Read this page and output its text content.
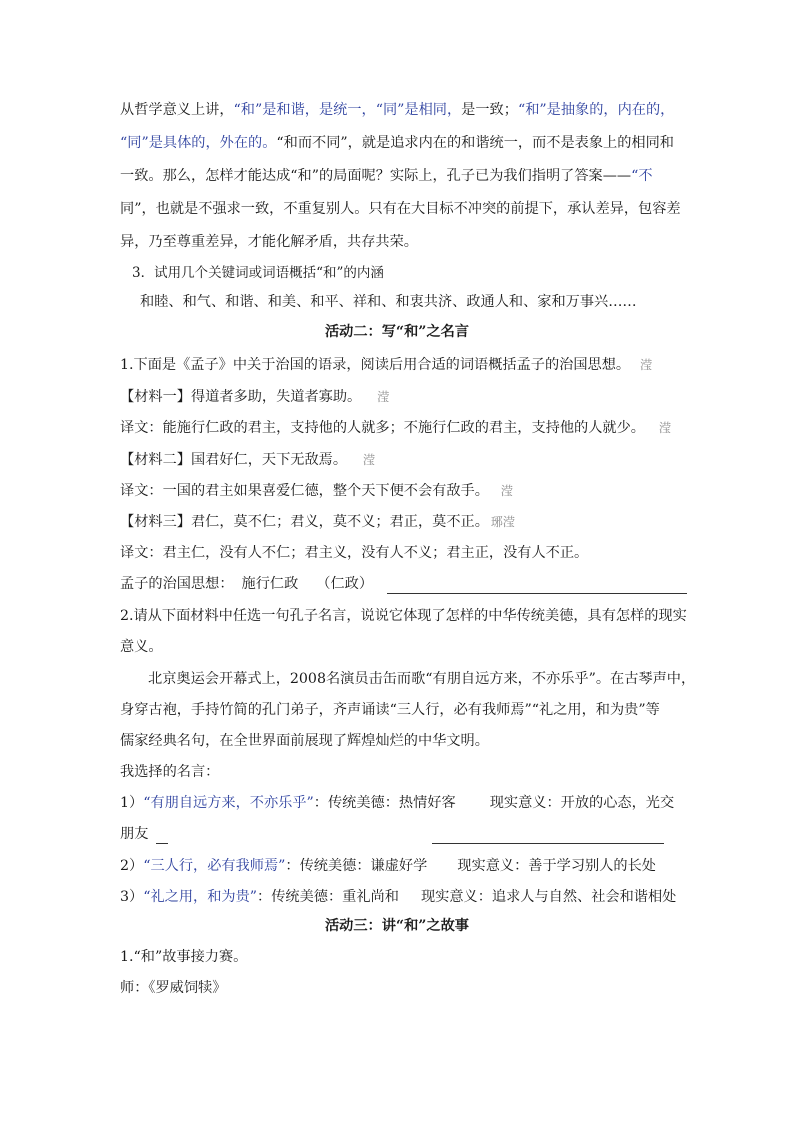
从哲学意义上讲，“和”是和谐，是统一，“同”是相同，是一致；“和”是抽象的，内在的，
“同”是具体的，外在的。“和而不同”，就是追求内在的和谐统一，而不是表象上的相同和
一致。那么，怎样才能达成“和”的局面呢？实际上，孔子已为我们指明了答案——“不
同”，也就是不强求一致，不重复别人。只有在大目标不冲突的前提下，承认差异，包容差
异，乃至尊重差异，才能化解矛盾，共存共荣。
3．试用几个关键词或词语概括“和”的内涵
和睦、和气、和谐、和美、和平、祥和、和衷共济、政通人和、家和万事兴……
活动二：写“和”之名言
1.下面是《孟子》中关于治国的语录，阅读后用合适的词语概括孟子的治国思想。 滢
【材料一】得道者多助，失道者寡助。 滢
译文：能施行仁政的君主，支持他的人就多；不施行仁政的君主，支持他的人就少。 滢
【材料二】国君好仁，天下无敌焉。 滢
译文：一国的君主如果喜爱仁德，整个天下便不会有敌手。 滢
【材料三】君仁，莫不仁；君义，莫不义；君正，莫不正。 琊滢
译文：君主仁，没有人不仁；君主义，没有人不义；君主正，没有人不正。
孟子的治国思想： 施行仁政 （仁政）
2.请从下面材料中任选一句孔子名言，说说它体现了怎样的中华传统美德，具有怎样的现实
意义。
北京奥运会开幕式上，2008名演员击缶而歌“有朋自远方来，不亦乐乎”。在古琴声中，
身穿古袍，手持竹简的孔门弟子，齐声诵读“三人行，必有我师焉”“礼之用，和为贵”等
儒家经典名句，在全世界面前展现了辉煌灿烂的中华文明。
我选择的名言：
1）“有朋自远方来，不亦乐乎”：传统美德：热情好客 现实意义：开放的心态，光交
朋友
2）“三人行，必有我师焉”：传统美德：谦虚好学 现实意义：善于学习别人的长处
3）“礼之用，和为贵”：传统美德：重礼尚和 现实意义：追求人与自然、社会和谐相处
活动三：讲“和”之故事
1.“和”故事接力赛。
师：《罗威饲犊》
